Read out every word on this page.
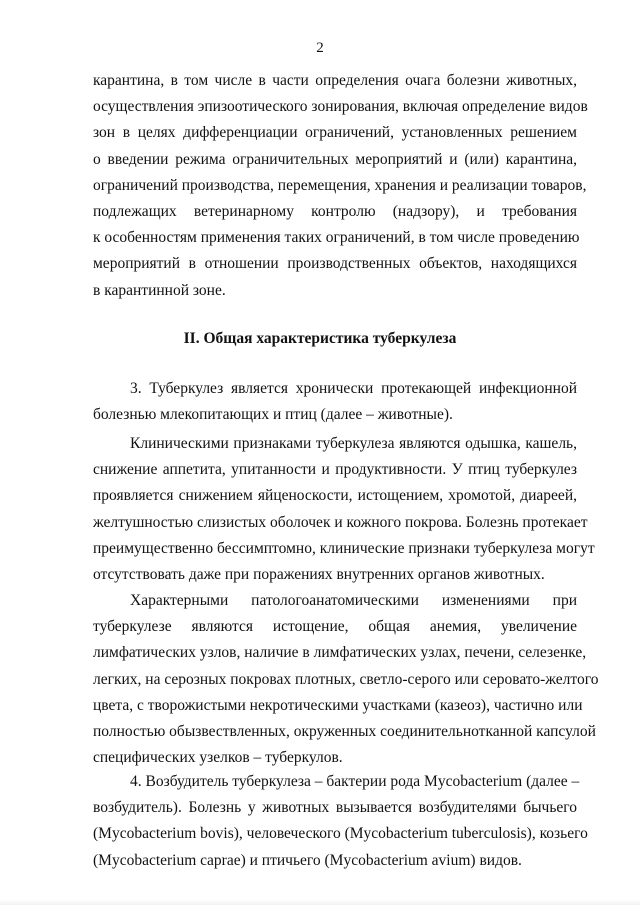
2
карантина, в том числе в части определения очага болезни животных,
осуществления эпизоотического зонирования, включая определение видов
зон в целях дифференциации ограничений, установленных решением
о введении режима ограничительных мероприятий и (или) карантина,
ограничений производства, перемещения, хранения и реализации товаров,
подлежащих ветеринарному контролю (надзору), и требования
к особенностям применения таких ограничений, в том числе проведению
мероприятий в отношении производственных объектов, находящихся
в карантинной зоне.
II. Общая характеристика туберкулеза
3. Туберкулез является хронически протекающей инфекционной
болезнью млекопитающих и птиц (далее – животные).
Клиническими признаками туберкулеза являются одышка, кашель,
снижение аппетита, упитанности и продуктивности. У птиц туберкулез
проявляется снижением яйценоскости, истощением, хромотой, диареей,
желтушностью слизистых оболочек и кожного покрова. Болезнь протекает
преимущественно бессимптомно, клинические признаки туберкулеза могут
отсутствовать даже при поражениях внутренних органов животных.
Характерными патологоанатомическими изменениями при
туберкулезе являются истощение, общая анемия, увеличение
лимфатических узлов, наличие в лимфатических узлах, печени, селезенке,
легких, на серозных покровах плотных, светло-серого или серовато-желтого
цвета, с творожистыми некротическими участками (казеоз), частично или
полностью обызвествленных, окруженных соединительнотканной капсулой
специфических узелков – туберкулов.
4. Возбудитель туберкулеза – бактерии рода Mycobacterium (далее –
возбудитель). Болезнь у животных вызывается возбудителями бычьего
(Mycobacterium bovis), человеческого (Mycobacterium tuberculosis), козьего
(Mycobacterium caprae) и птичьего (Mycobacterium avium) видов.
